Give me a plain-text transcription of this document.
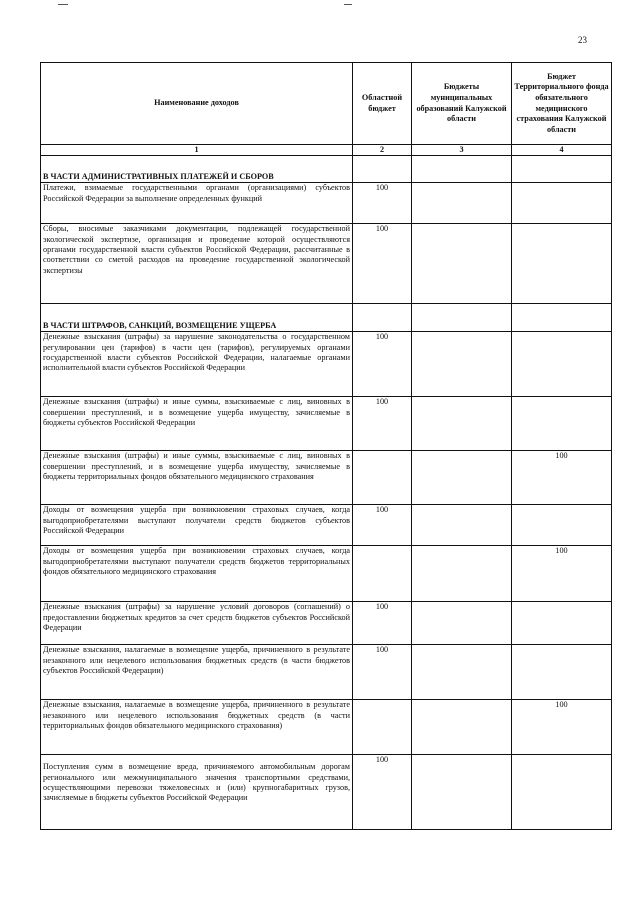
23
Наименование доходов	Областной бюджет	Бюджеты муниципальных образований Калужской области	Бюджет Территориального фонда обязательного медицинского страхования Калужской области
1	2	3	4
В ЧАСТИ АДМИНИСТРАТИВНЫХ ПЛАТЕЖЕЙ И СБОРОВ			
Платежи, взимаемые государственными органами (организациями) субъектов Российской Федерации за выполнение определенных функций	100		
Сборы, вносимые заказчиками документации, подлежащей государственной экологической экспертизе, организация и проведение которой осуществляются органами государственной власти субъектов Российской Федерации, рассчитанные в соответствии со сметой расходов на проведение государственной экологической экспертизы	100		
В ЧАСТИ ШТРАФОВ, САНКЦИЙ, ВОЗМЕЩЕНИЕ УЩЕРБА			
Денежные взыскания (штрафы) за нарушение законодательства о государственном регулировании цен (тарифов) в части цен (тарифов), регулируемых органами государственной власти субъектов Российской Федерации, налагаемые органами исполнительной власти субъектов Российской Федерации	100		
Денежные взыскания (штрафы) и иные суммы, взыскиваемые с лиц, виновных в совершении преступлений, и в возмещение ущерба имуществу, зачисляемые в бюджеты субъектов Российской Федерации	100		
Денежные взыскания (штрафы) и иные суммы, взыскиваемые с лиц, виновных в совершении преступлений, и в возмещение ущерба имуществу, зачисляемые в бюджеты территориальных фондов обязательного медицинского страхования			100
Доходы от возмещения ущерба при возникновении страховых случаев, когда выгодоприобретателями выступают получатели средств бюджетов субъектов Российской Федерации	100		
Доходы от возмещения ущерба при возникновении страховых случаев, когда выгодоприобретателями выступают получатели средств бюджетов территориальных фондов обязательного медицинского страхования			100
Денежные взыскания (штрафы) за нарушение условий договоров (соглашений) о предоставлении бюджетных кредитов за счет средств бюджетов субъектов Российской Федерации	100		
Денежные взыскания, налагаемые в возмещение ущерба, причиненного в результате незаконного или нецелевого использования бюджетных средств (в части бюджетов субъектов Российской Федерации)	100		
Денежные взыскания, налагаемые в возмещение ущерба, причиненного в результате незаконного или нецелевого использования бюджетных средств (в части территориальных фондов обязательного медицинского страхования)			100
Поступления сумм в возмещение вреда, причиняемого автомобильным дорогам регионального или межмуниципального значения транспортными средствами, осуществляющими перевозки тяжеловесных и (или) крупногабаритных грузов, зачисляемые в бюджеты субъектов Российской Федерации	100		
